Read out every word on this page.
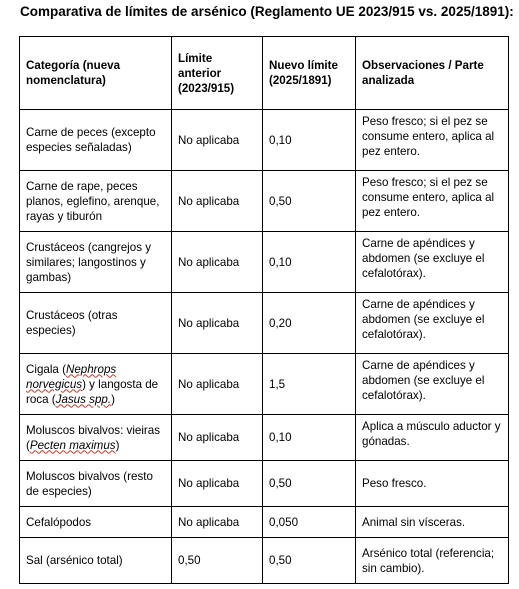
Comparativa de límites de arsénico (Reglamento UE 2023/915 vs. 2025/1891):
Categoría (nueva nomenclatura)	Límite anterior (2023/915)	Nuevo límite (2025/1891)	Observaciones / Parte analizada
Carne de peces (excepto especies señaladas)	No aplicaba	0,10	Peso fresco; si el pez se consume entero, aplica al pez entero.
Carne de rape, peces planos, eglefino, arenque, rayas y tiburón	No aplicaba	0,50	Peso fresco; si el pez se consume entero, aplica al pez entero.
Crustáceos (cangrejos y similares; langostinos y gambas)	No aplicaba	0,10	Carne de apéndices y abdomen (se excluye el cefalotórax).
Crustáceos (otras especies)	No aplicaba	0,20	Carne de apéndices y abdomen (se excluye el cefalotórax).
Cigala (Nephrops norvegicus) y langosta de roca (Jasus spp.)	No aplicaba	1,5	Carne de apéndices y abdomen (se excluye el cefalotórax).
Moluscos bivalvos: vieiras (Pecten maximus)	No aplicaba	0,10	Aplica a músculo aductor y gónadas.
Moluscos bivalvos (resto de especies)	No aplicaba	0,50	Peso fresco.
Cefalópodos	No aplicaba	0,050	Animal sin vísceras.
Sal (arsénico total)	0,50	0,50	Arsénico total (referencia; sin cambio).
